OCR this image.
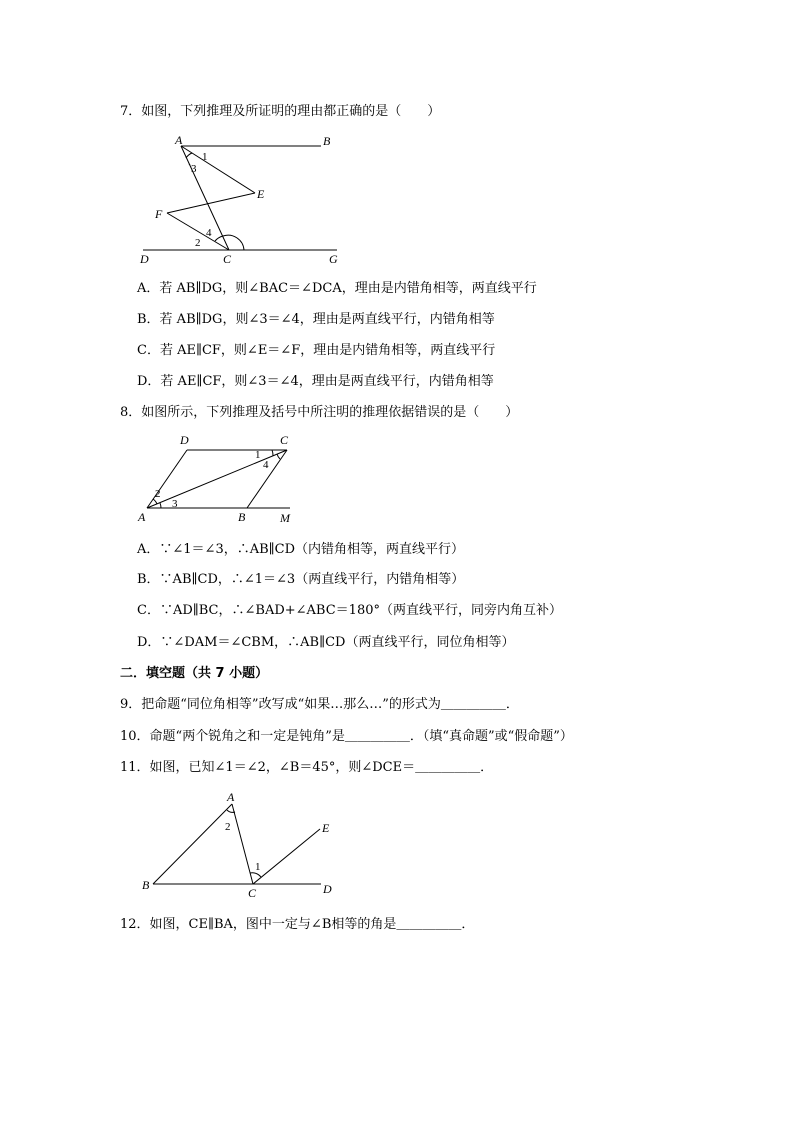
7．如图，下列推理及所证明的理由都正确的是（　　）
A	B
E
F
D	C	G
1
3
4
2
A．若 AB∥DG，则∠BAC＝∠DCA，理由是内错角相等，两直线平行
B．若 AB∥DG，则∠3＝∠4，理由是两直线平行，内错角相等
C．若 AE∥CF，则∠E＝∠F，理由是内错角相等，两直线平行
D．若 AE∥CF，则∠3＝∠4，理由是两直线平行，内错角相等
8．如图所示，下列推理及括号中所注明的推理依据错误的是（　　）
D	C
A	B	M
1
4
2
3
A．∵∠1＝∠3，∴AB∥CD（内错角相等，两直线平行）
B．∵AB∥CD，∴∠1＝∠3（两直线平行，内错角相等）
C．∵AD∥BC，∴∠BAD+∠ABC＝180°（两直线平行，同旁内角互补）
D．∵∠DAM＝∠CBM，∴AB∥CD（两直线平行，同位角相等）
二．填空题（共 7 小题）
9．把命题“同位角相等”改写成“如果…那么…”的形式为＿＿＿＿＿．
10．命题“两个锐角之和一定是钝角”是＿＿＿＿＿．（填“真命题”或“假命题”）
11．如图，已知∠1＝∠2，∠B＝45°，则∠DCE＝＿＿＿＿＿．
A
B
C	D
E
2
1
12．如图，CE∥BA，图中一定与∠B相等的角是＿＿＿＿＿．
